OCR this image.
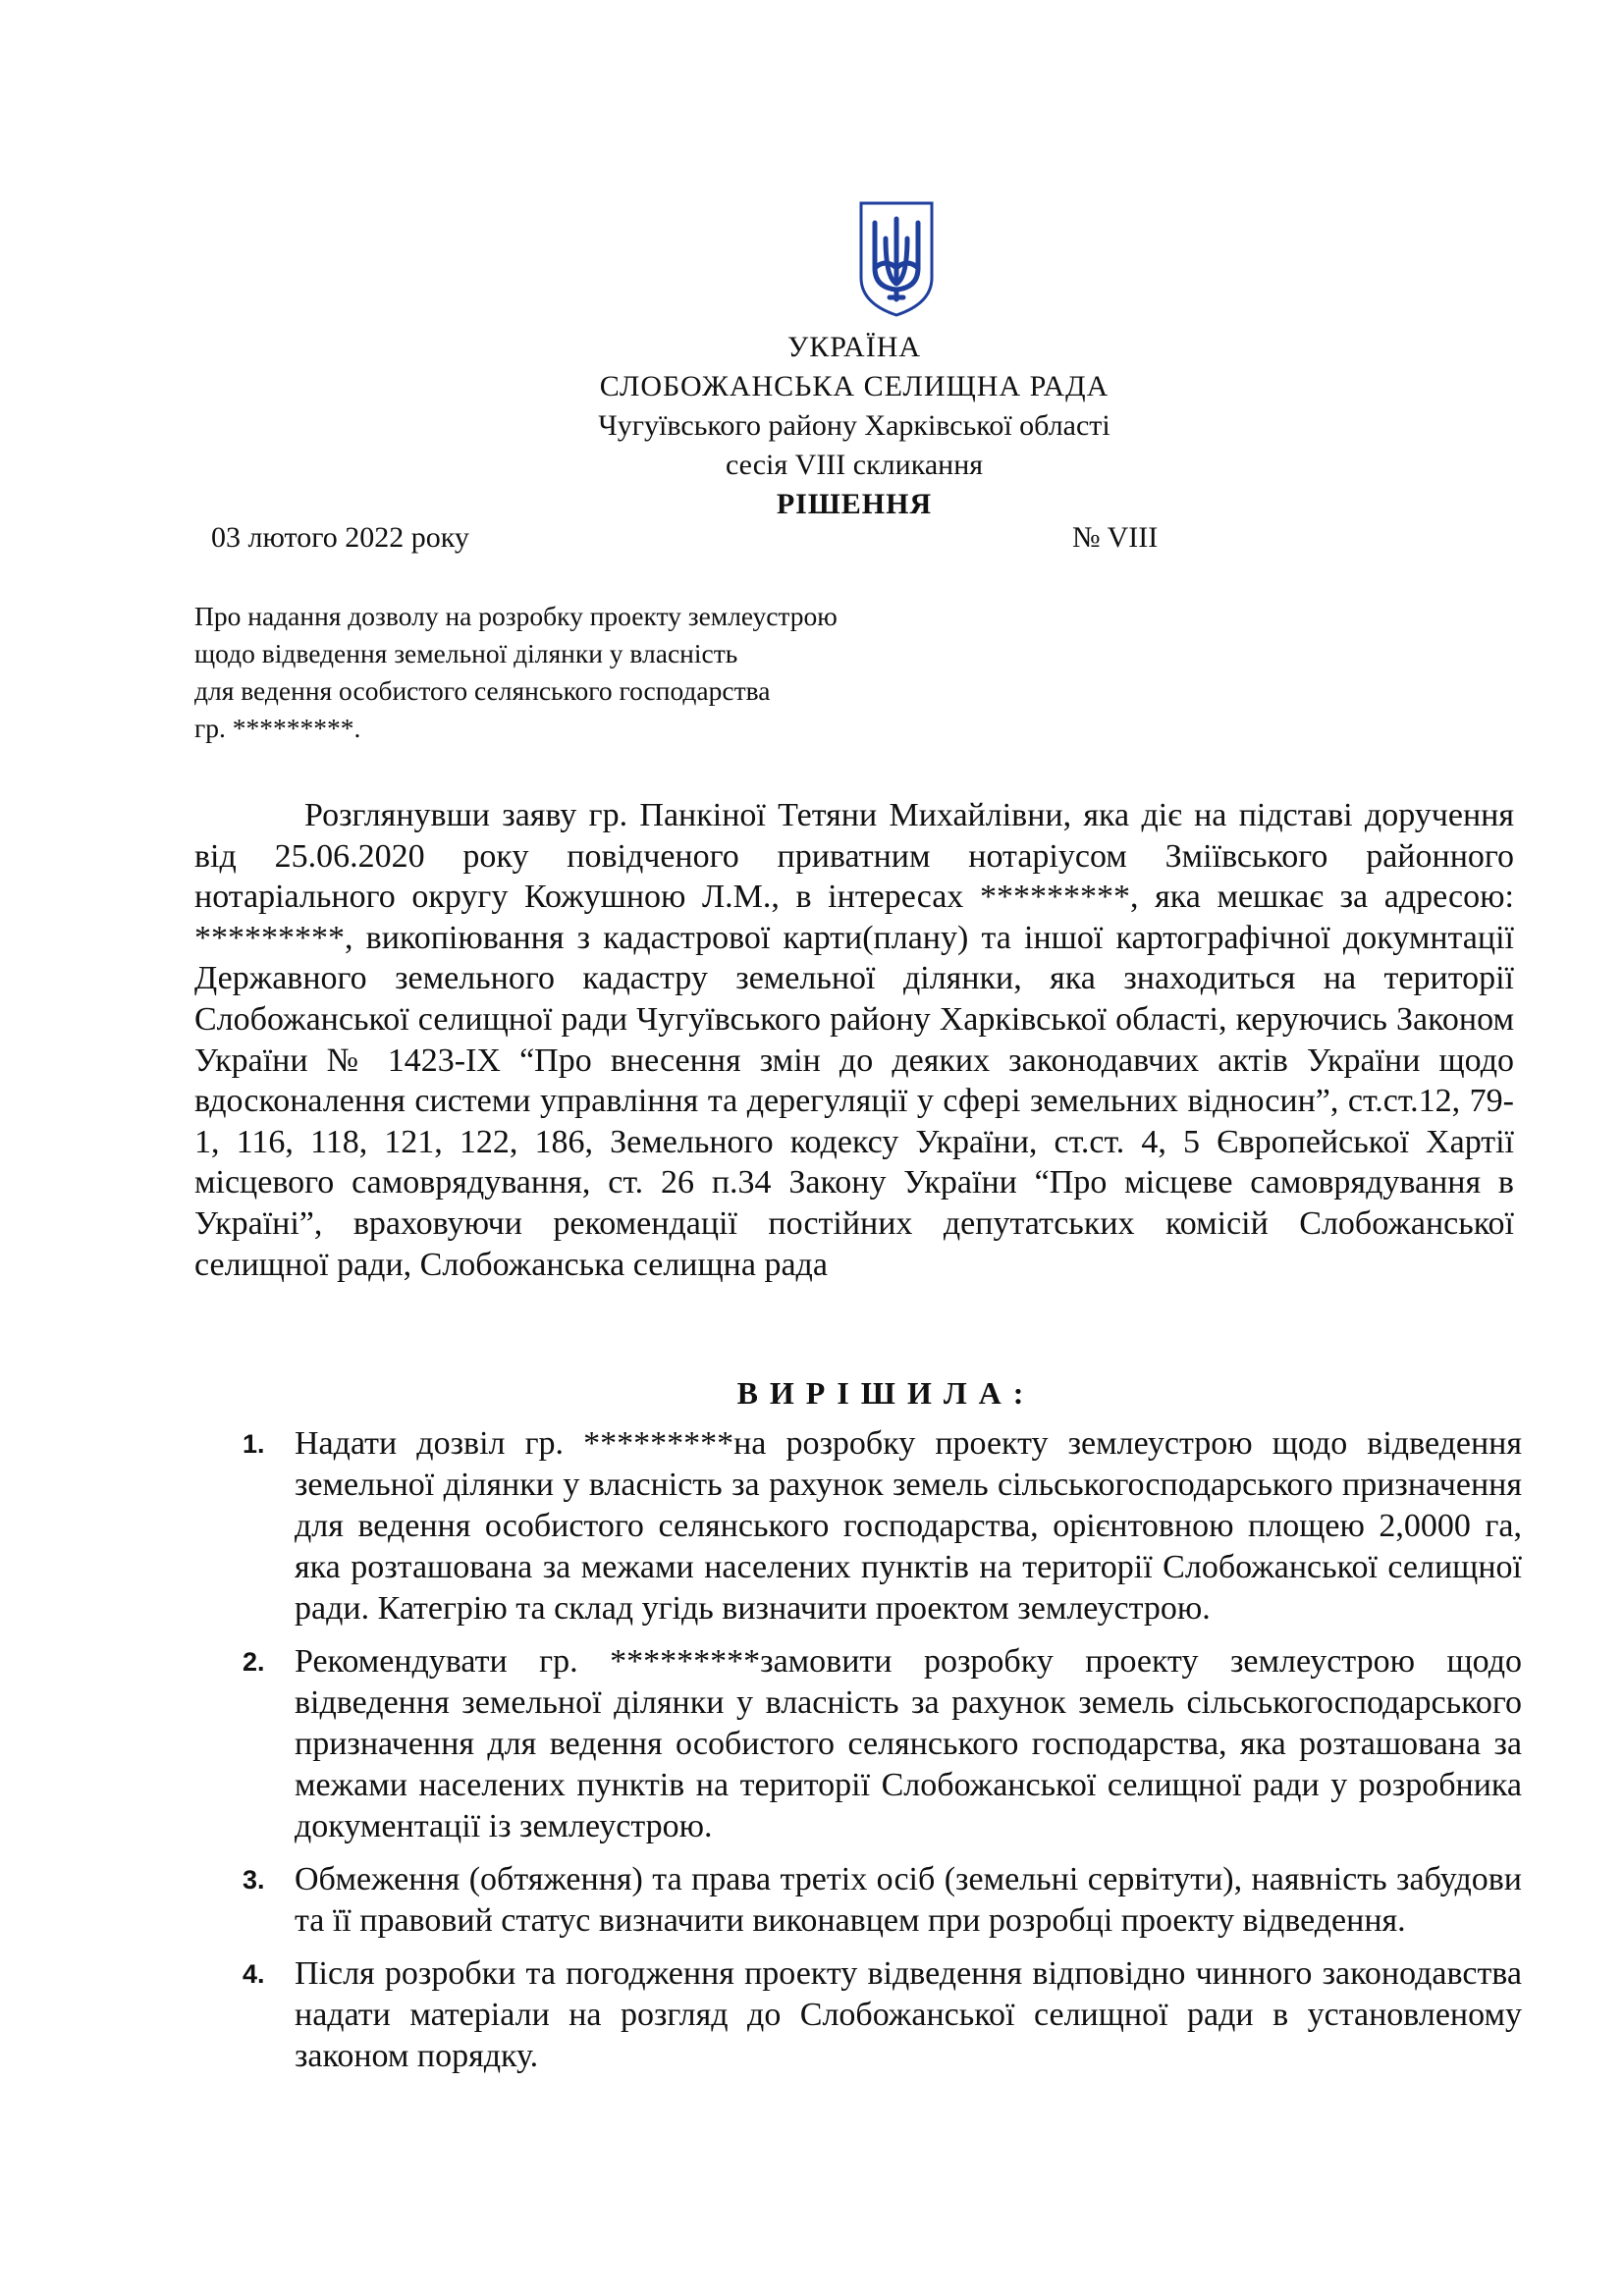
УКРАЇНА
СЛОБОЖАНСЬКА СЕЛИЩНА РАДА
Чугуївського району Харківської області
сесія VIII скликання
РІШЕННЯ
03 лютого 2022 року	№ VIII
Про надання дозволу на розробку проекту землеустрою
щодо відведення земельної ділянки у власність
для ведення особистого селянського господарства
гр. *********.

Розглянувши заяву гр. Панкіної Тетяни Михайлівни, яка діє на підставі доручення від 25.06.2020 року повідченого приватним нотаріусом Зміївського районного нотаріального округу Кожушною Л.М., в інтересах *********, яка мешкає за адресою: *********, викопіювання з кадастрової карти(плану) та іншої картографічної докумнтації Державного земельного кадастру земельної ділянки, яка знаходиться на території Слобожанської селищної ради Чугуївського району Харківської області, керуючись Законом України № 1423-IX “Про внесення змін до деяких законодавчих актів України щодо вдосконалення системи управління та дерегуляції у сфері земельних відносин”, ст.ст.12, 79-1, 116, 118, 121, 122, 186, Земельного кодексу України, ст.ст. 4, 5 Європейської Хартії місцевого самоврядування, ст. 26 п.34 Закону України “Про місцеве самоврядування в Україні”, враховуючи рекомендації постійних депутатських комісій Слобожанської селищної ради, Слобожанська селищна рада

В И Р І Ш И Л А :
1. Надати дозвіл гр. *********на розробку проекту землеустрою щодо відведення земельної ділянки у власність за рахунок земель сільськогосподарського призначення для ведення особистого селянського господарства, орієнтовною площею 2,0000 га, яка розташована за межами населених пунктів на території Слобожанської селищної ради. Категрію та склад угідь визначити проектом землеустрою.
2. Рекомендувати гр. *********замовити розробку проекту землеустрою щодо відведення земельної ділянки у власність за рахунок земель сільськогосподарського призначення для ведення особистого селянського господарства, яка розташована за межами населених пунктів на території Слобожанської селищної ради у розробника документації із землеустрою.
3. Обмеження (обтяження) та права третіх осіб (земельні сервітути), наявність забудови та її правовий статус визначити виконавцем при розробці проекту відведення.
4. Після розробки та погодження проекту відведення відповідно чинного законодавства надати матеріали на розгляд до Слобожанської селищної ради в установленому законом порядку.
